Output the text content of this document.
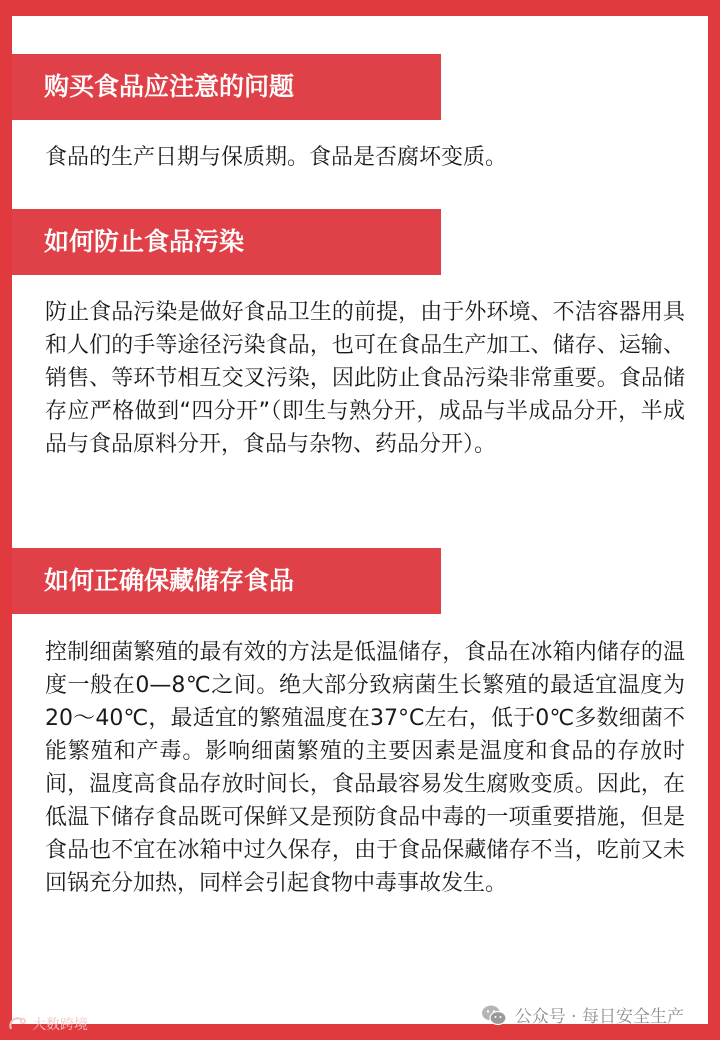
购买食品应注意的问题

食品的生产日期与保质期。食品是否腐坏变质。

如何防止食品污染

防止食品污染是做好食品卫生的前提，由于外环境、不洁容器用具和人们的手等途径污染食品，也可在食品生产加工、储存、运输、销售、等环节相互交叉污染，因此防止食品污染非常重要。食品储存应严格做到“四分开”（即生与熟分开，成品与半成品分开，半成品与食品原料分开，食品与杂物、药品分开）。

如何正确保藏储存食品

控制细菌繁殖的最有效的方法是低温储存，食品在冰箱内储存的温度一般在0—8℃之间。绝大部分致病菌生长繁殖的最适宜温度为20～40℃，最适宜的繁殖温度在37°C左右，低于0℃多数细菌不能繁殖和产毒。影响细菌繁殖的主要因素是温度和食品的存放时间，温度高食品存放时间长，食品最容易发生腐败变质。因此，在低温下储存食品既可保鲜又是预防食品中毒的一项重要措施，但是食品也不宜在冰箱中过久保存，由于食品保藏储存不当，吃前又未回锅充分加热，同样会引起食物中毒事故发生。

公众号 · 每日安全生产
大数跨境
